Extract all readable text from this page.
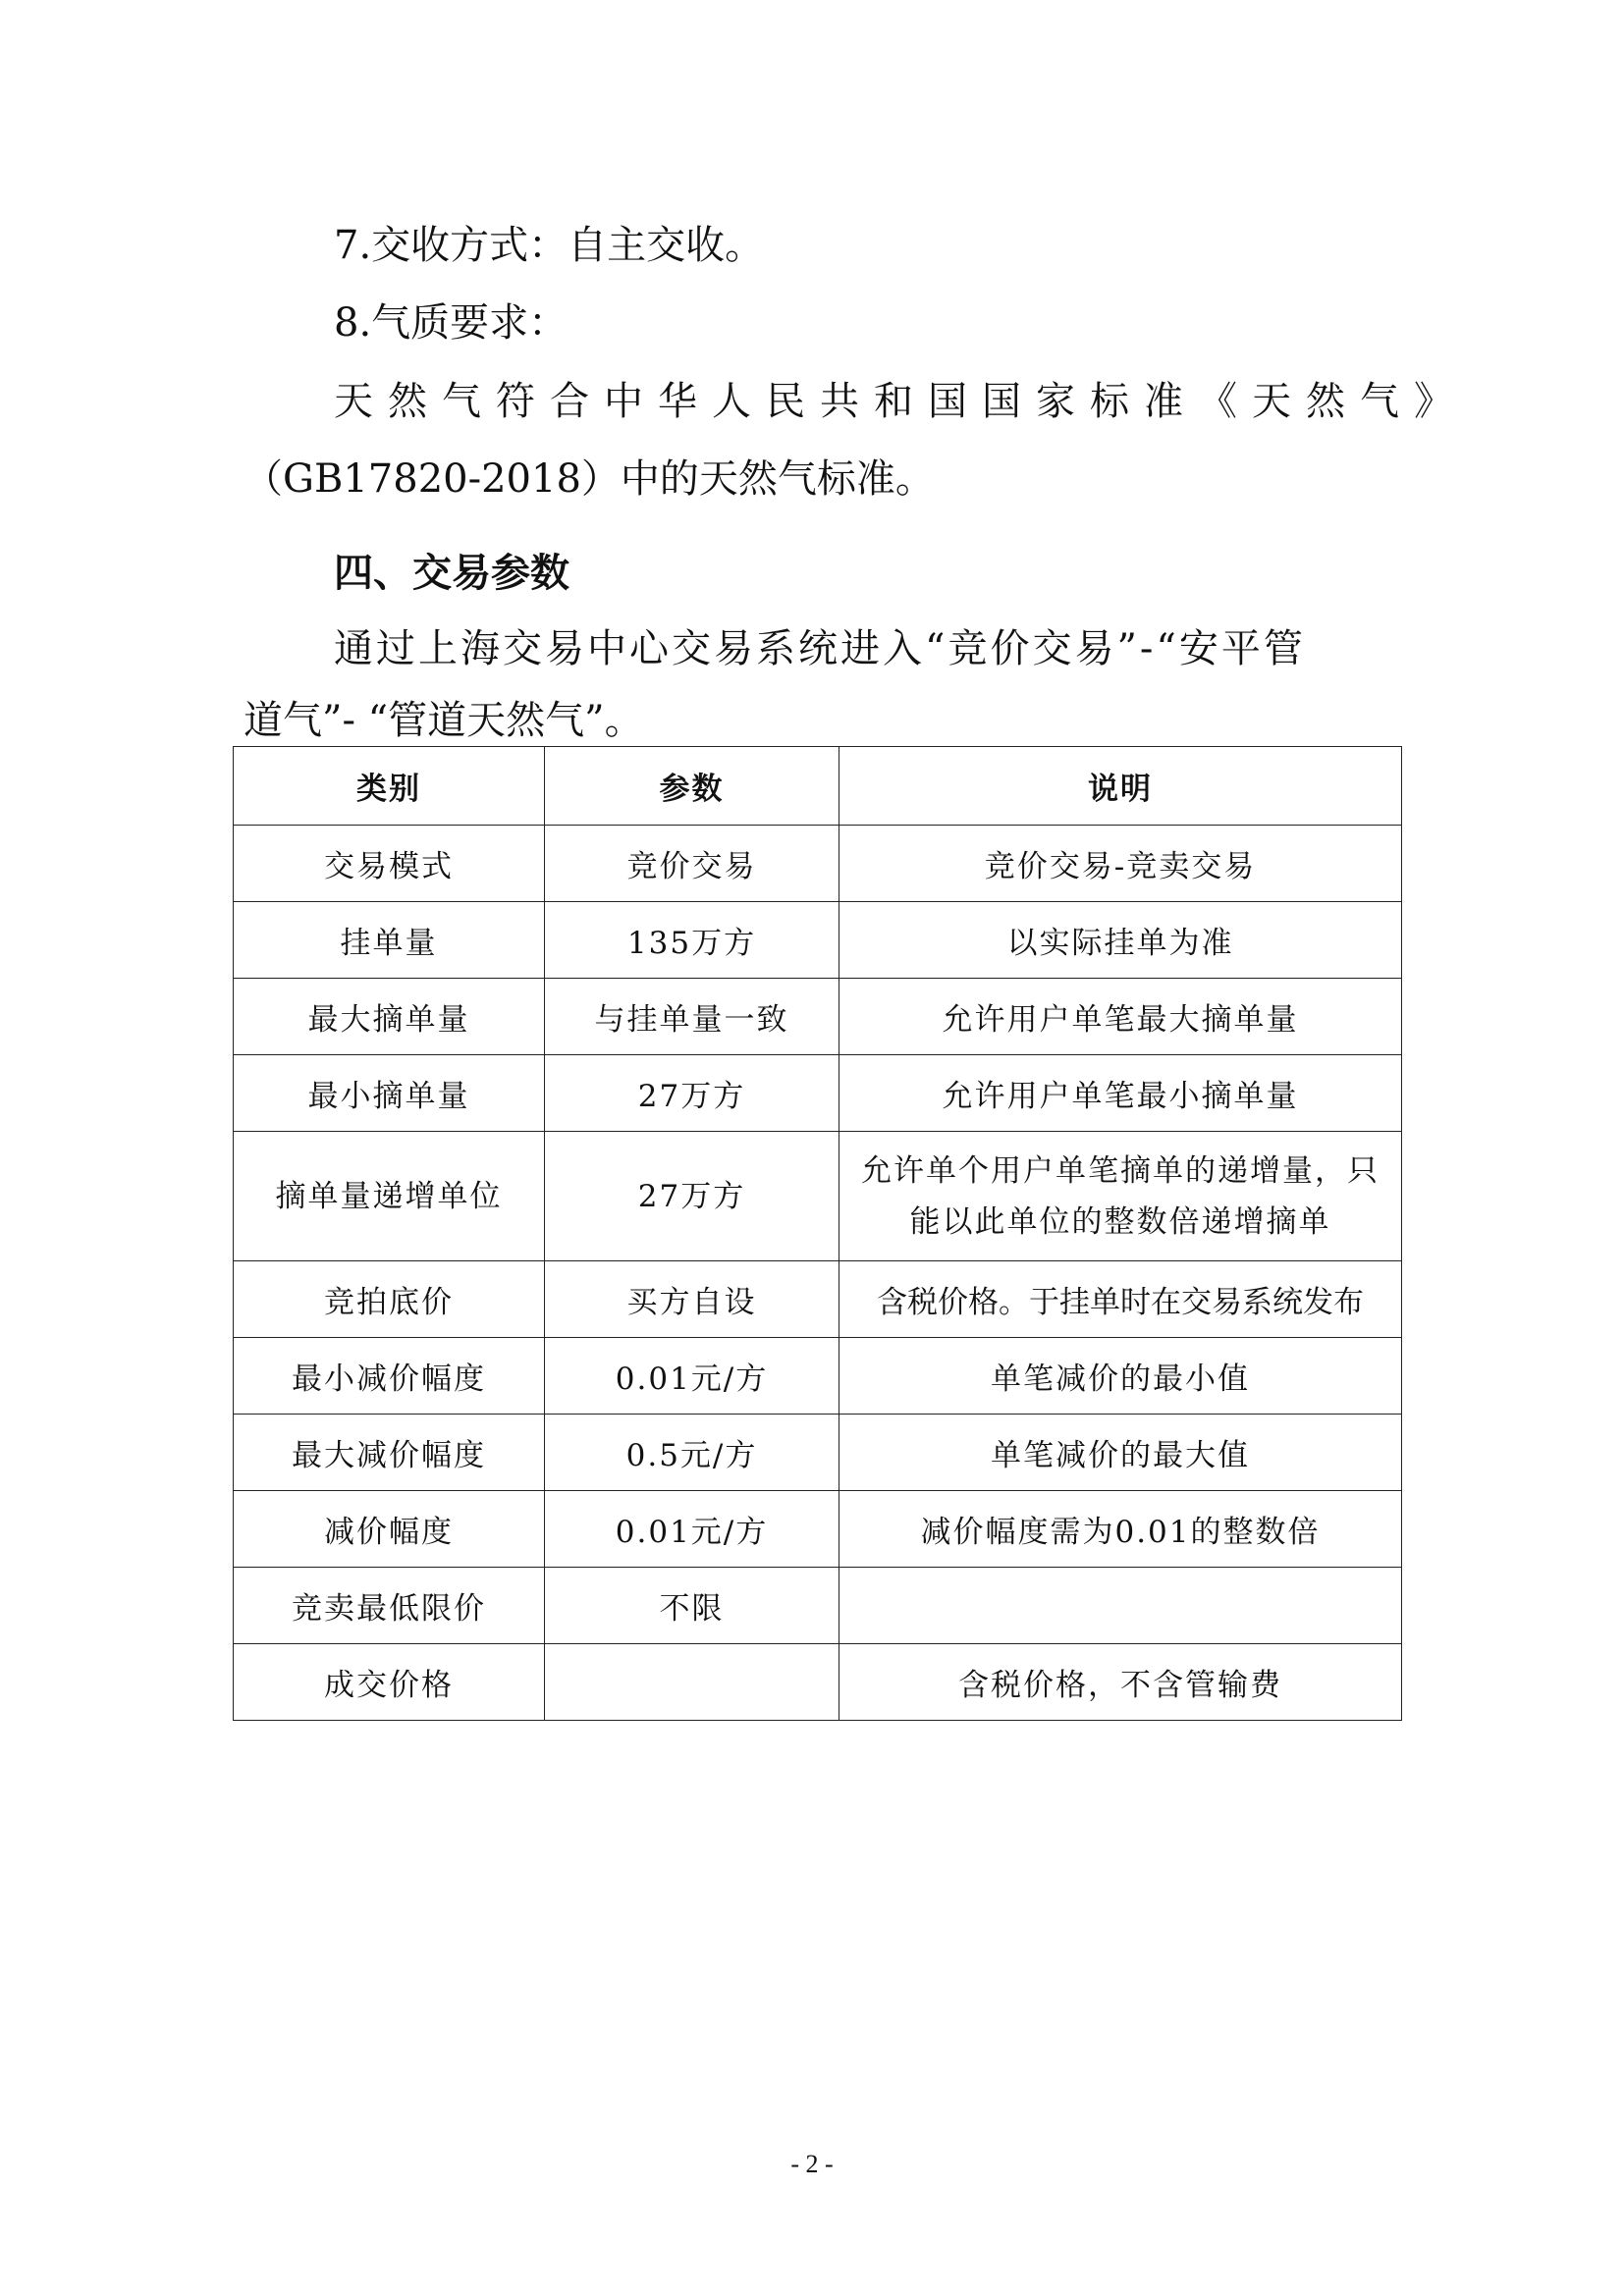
7.交收方式：自主交收。
8.气质要求：
天然气符合中华人民共和国国家标准《天然气》
（GB17820-2018）中的天然气标准。
四、交易参数
通过上海交易中心交易系统进入“竞价交易”-“安平管
道气”- “管道天然气”。
类别	参数	说明
交易模式	竞价交易	竞价交易-竞卖交易
挂单量	135万方	以实际挂单为准
最大摘单量	与挂单量一致	允许用户单笔最大摘单量
最小摘单量	27万方	允许用户单笔最小摘单量
摘单量递增单位	27万方	允许单个用户单笔摘单的递增量，只
能以此单位的整数倍递增摘单

竞拍底价	买方自设	含税价格。于挂单时在交易系统发布
最小减价幅度	0.01元/方	单笔减价的最小值
最大减价幅度	0.5元/方	单笔减价的最大值
减价幅度	0.01元/方	减价幅度需为0.01的整数倍
竞卖最低限价	不限	
成交价格		含税价格，不含管输费
- 2 -
